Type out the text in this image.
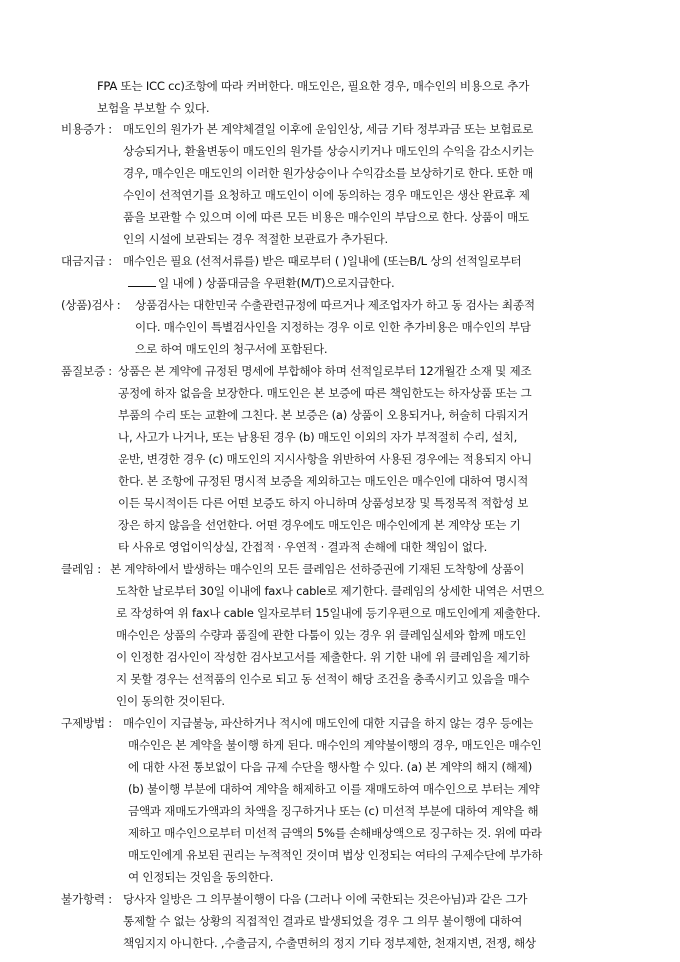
FPA 또는 ICC cc)조항에 따라 커버한다. 매도인은, 필요한 경우, 매수인의 비용으로 추가
보험을 부보할 수 있다.
비용증가 : 매도인의 원가가 본 계약체결일 이후에 운임인상, 세금 기타 정부과금 또는 보험료로
상승되거나, 환율변동이 매도인의 원가를 상승시키거나 매도인의 수익을 감소시키는
경우, 매수인은 매도인의 이러한 원가상승이나 수익감소를 보상하기로 한다. 또한 매
수인이 선적연기를 요청하고 매도인이 이에 동의하는 경우 매도인은 생산 완료후 제
품을 보관할 수 있으며 이에 따른 모든 비용은 매수인의 부담으로 한다. 상품이 매도
인의 시설에 보관되는 경우 적절한 보관료가 추가된다.
대금지급 : 매수인은 필요 (선적서류를) 받은 때로부터 ( )일내에 (또는B/L 상의 선적일로부터
일 내에 ) 상품대금을 우편환(M/T)으로지급한다.
(상품)검사 : 상품검사는 대한민국 수출관련규정에 따르거나 제조업자가 하고 동 검사는 최종적
이다. 매수인이 특별검사인을 지정하는 경우 이로 인한 추가비용은 매수인의 부담
으로 하여 매도인의 청구서에 포함된다.
품질보증 : 상품은 본 계약에 규정된 명세에 부합해야 하며 선적일로부터 12개월간 소재 및 제조
공정에 하자 없음을 보장한다. 매도인은 본 보증에 따른 책임한도는 하자상품 또는 그
부품의 수리 또는 교환에 그친다. 본 보증은 (a) 상품이 오용되거나, 허술히 다뤄지거
나, 사고가 나거나, 또는 남용된 경우 (b) 매도인 이외의 자가 부적절히 수리, 설치,
운반, 변경한 경우 (c) 매도인의 지시사항을 위반하여 사용된 경우에는 적용되지 아니
한다. 본 조항에 규정된 명시적 보증을 제외하고는 매도인은 매수인에 대하여 명시적
이든 묵시적이든 다른 어떤 보증도 하지 아니하며 상품성보장 및 특정목적 적합성 보
장은 하지 않음을 선언한다. 어떤 경우에도 매도인은 매수인에게 본 계약상 또는 기
타 사유로 영업이익상실, 간접적 · 우연적 · 결과적 손해에 대한 책임이 없다.
클레임 : 본 계약하에서 발생하는 매수인의 모든 클레임은 선하증권에 기재된 도착항에 상품이
도착한 날로부터 30일 이내에 fax나 cable로 제기한다. 클레임의 상세한 내역은 서면으
로 작성하여 위 fax나 cable 일자로부터 15일내에 등기우편으로 매도인에게 제출한다.
매수인은 상품의 수량과 품질에 관한 다툼이 있는 경우 위 클레임실세와 함께 매도인
이 인정한 검사인이 작성한 검사보고서를 제출한다. 위 기한 내에 위 클레임을 제기하
지 못할 경우는 선적품의 인수로 되고 동 선적이 해당 조건을 충족시키고 있음을 매수
인이 동의한 것이된다.
구제방법 : 매수인이 지급불능, 파산하거나 적시에 매도인에 대한 지급을 하지 않는 경우 등에는
매수인은 본 계약을 불이행 하게 된다. 매수인의 계약불이행의 경우, 매도인은 매수인
에 대한 사전 통보없이 다음 규제 수단을 행사할 수 있다. (a) 본 계약의 해지 (해제)
(b) 불이행 부분에 대하여 계약을 해제하고 이를 재매도하여 매수인으로 부터는 계약
금액과 재매도가액과의 차액을 징구하거나 또는 (c) 미선적 부분에 대하여 계약을 해
제하고 매수인으로부터 미선적 금액의 5%를 손해배상액으로 징구하는 것. 위에 따라
매도인에게 유보된 권리는 누적적인 것이며 법상 인정되는 여타의 구제수단에 부가하
여 인정되는 것임을 동의한다.
불가항력 : 당사자 일방은 그 의무불이행이 다음 (그러나 이에 국한되는 것은아님)과 같은 그가
통제할 수 없는 상황의 직접적인 결과로 발생되었을 경우 그 의무 불이행에 대하여
책임지지 아니한다. ,수출금지, 수출면허의 정지 기타 정부제한, 천재지변, 전쟁, 해상
